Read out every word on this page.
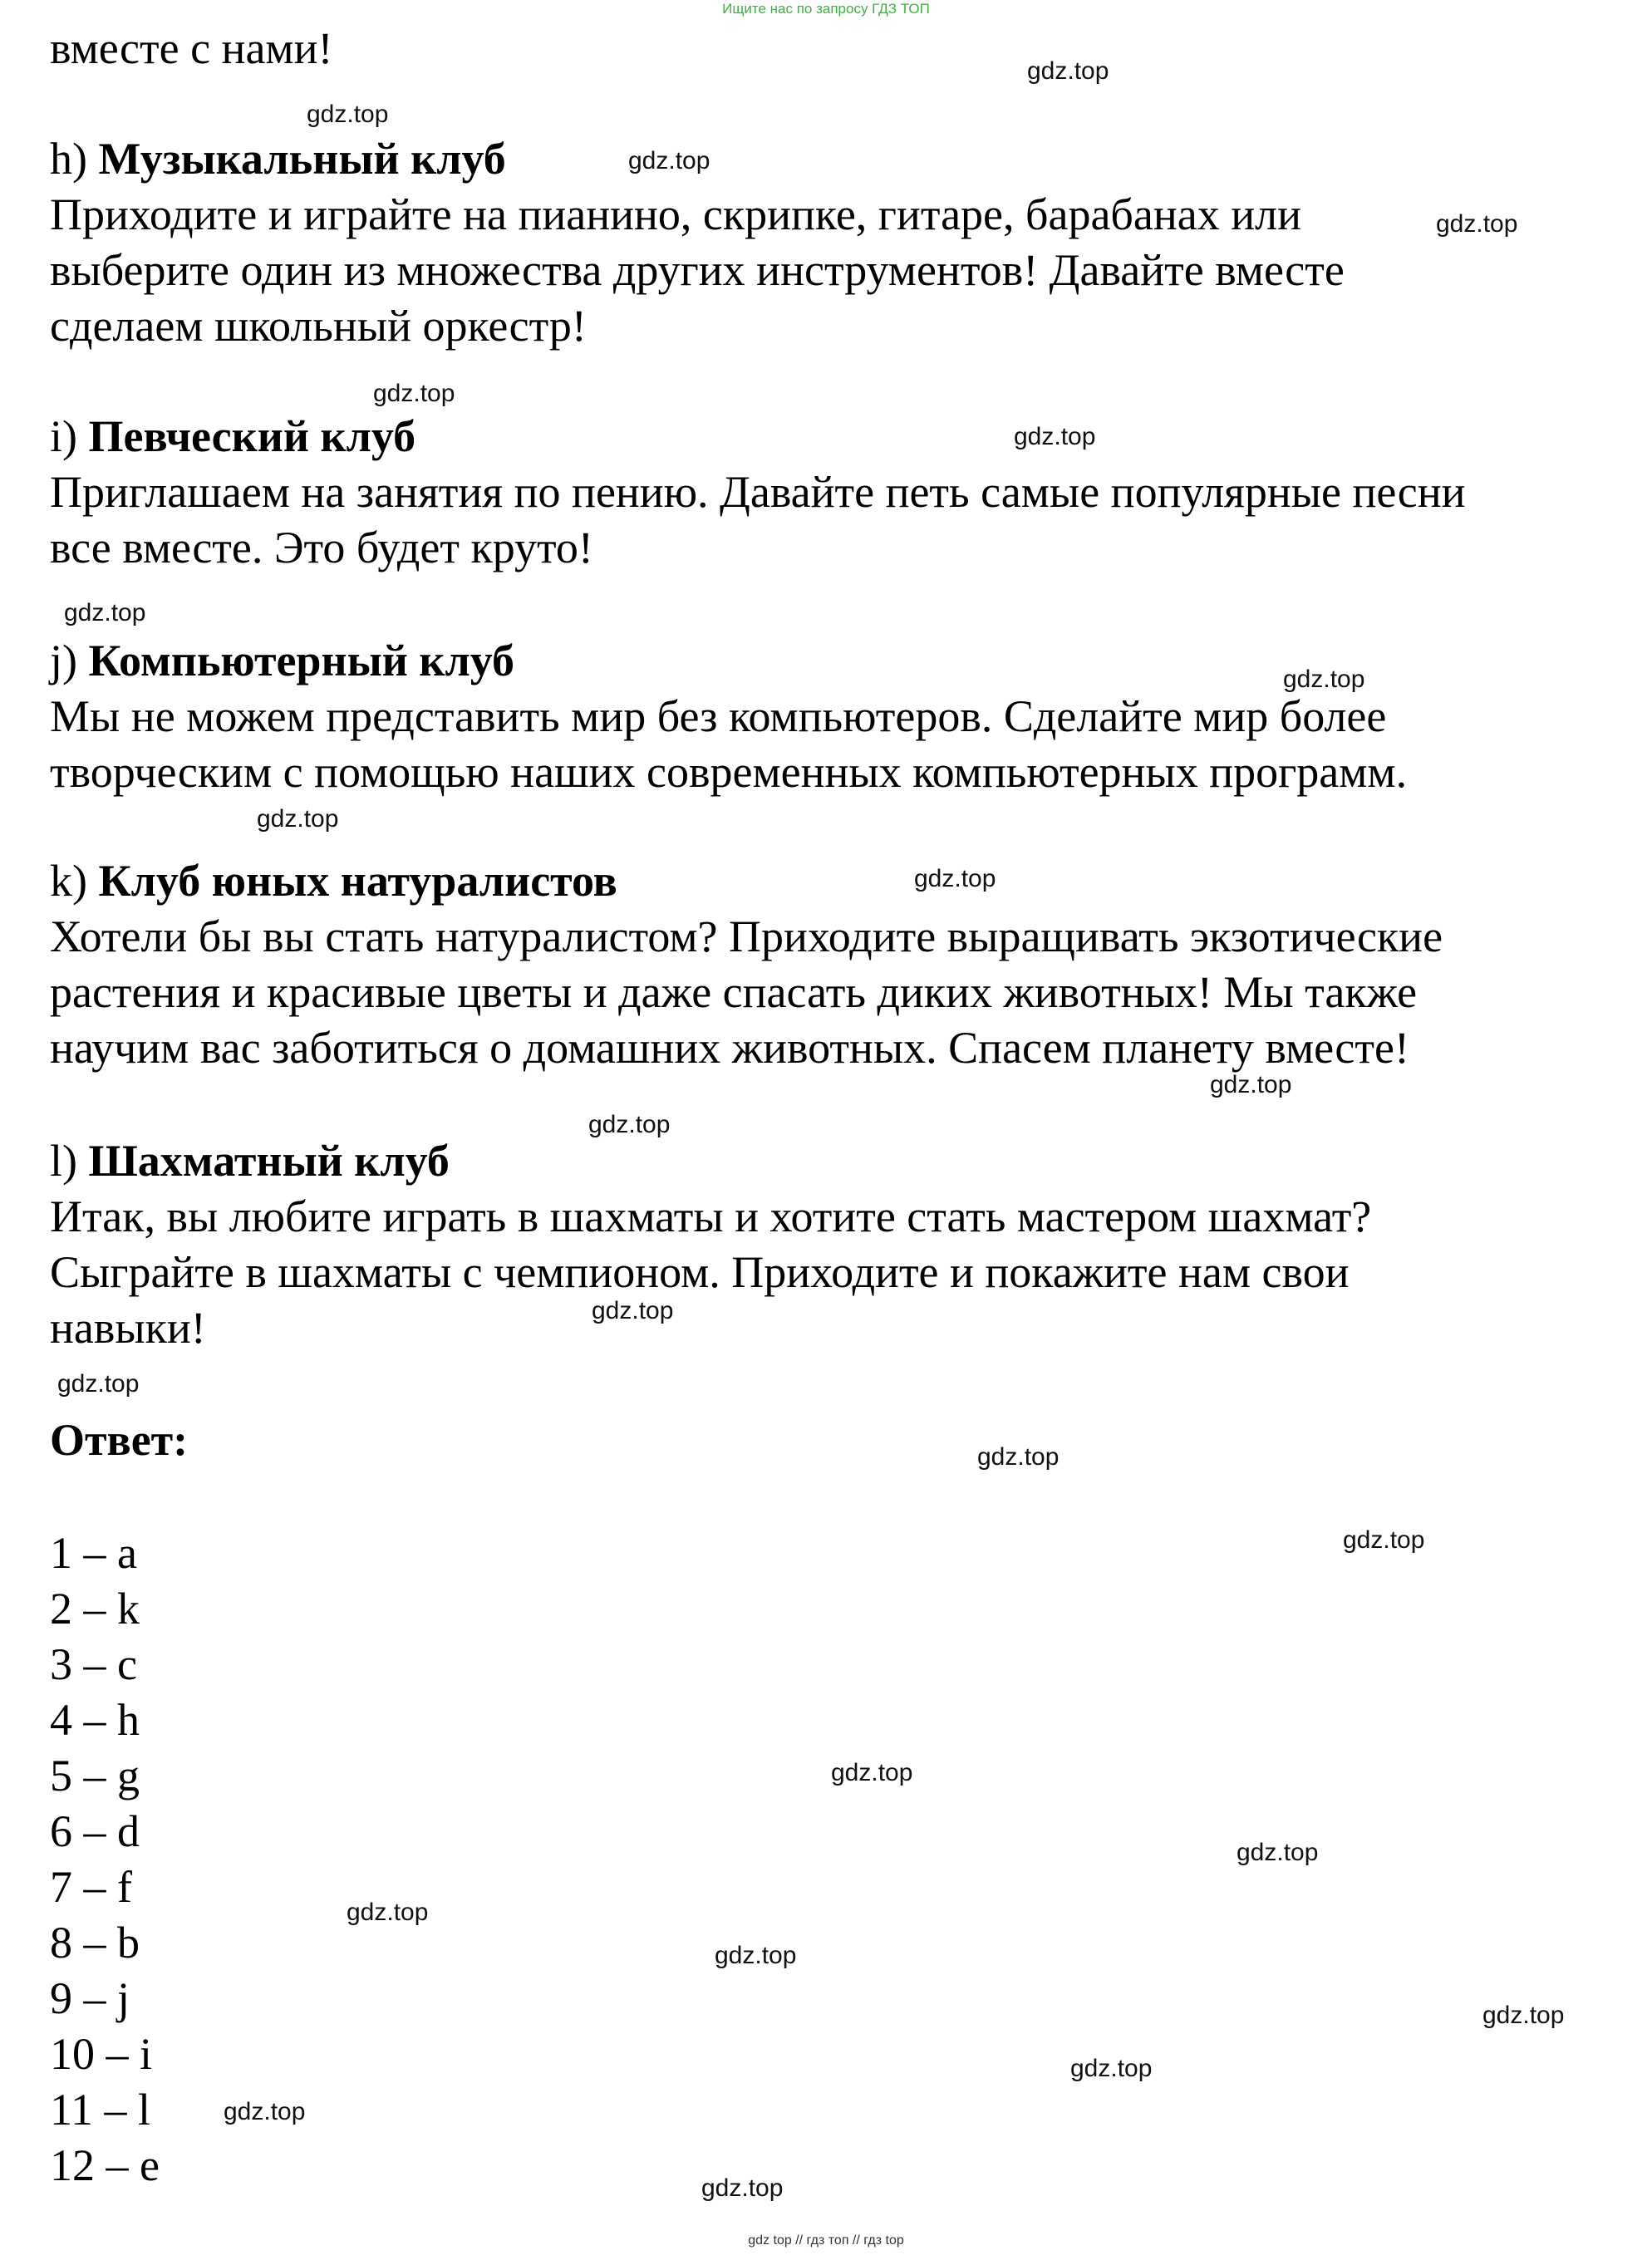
Ищите нас по запросу ГДЗ ТОП
вместе с нами!
h) Музыкальный клуб
Приходите и играйте на пианино, скрипке, гитаре, барабанах или
выберите один из множества других инструментов! Давайте вместе
сделаем школьный оркестр!
i) Певческий клуб
Приглашаем на занятия по пению. Давайте петь самые популярные песни
все вместе. Это будет круто!
j) Компьютерный клуб
Мы не можем представить мир без компьютеров. Сделайте мир более
творческим с помощью наших современных компьютерных программ.
k) Клуб юных натуралистов
Хотели бы вы стать натуралистом? Приходите выращивать экзотические
растения и красивые цветы и даже спасать диких животных! Мы также
научим вас заботиться о домашних животных. Спасем планету вместе!
l) Шахматный клуб
Итак, вы любите играть в шахматы и хотите стать мастером шахмат?
Сыграйте в шахматы с чемпионом. Приходите и покажите нам свои
навыки!
Ответ:
1 – a
2 – k
3 – c
4 – h
5 – g
6 – d
7 – f
8 – b
9 – j
10 – i
11 – l
12 – e
gdz.top
gdz.top
gdz.top
gdz.top
gdz.top
gdz.top
gdz.top
gdz.top
gdz.top
gdz.top
gdz.top
gdz.top
gdz.top
gdz.top
gdz.top
gdz.top
gdz.top
gdz.top
gdz.top
gdz.top
gdz.top
gdz.top
gdz.top
gdz.top
gdz top // гдз топ // гдз top
